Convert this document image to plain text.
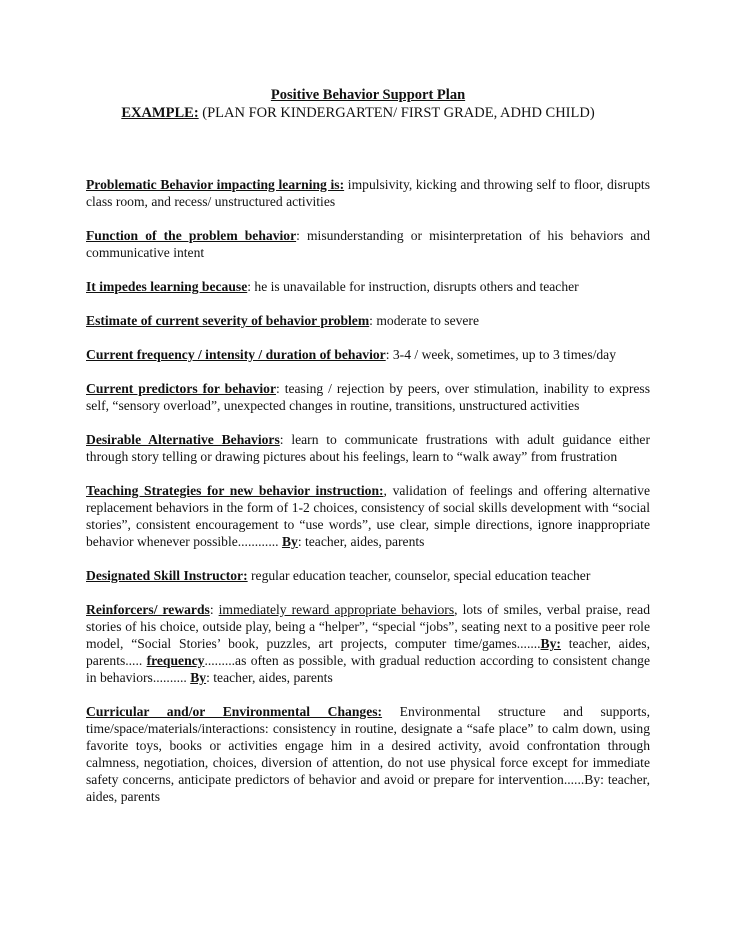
Positive Behavior Support Plan
EXAMPLE: (PLAN FOR KINDERGARTEN/ FIRST GRADE, ADHD CHILD)

Problematic Behavior impacting learning is: impulsivity, kicking and throwing self to floor, disrupts class room, and recess/ unstructured activities

Function of the problem behavior: misunderstanding or misinterpretation of his behaviors and communicative intent

It impedes learning because: he is unavailable for instruction, disrupts others and teacher

Estimate of current severity of behavior problem: moderate to severe

Current frequency / intensity / duration of behavior: 3-4 / week, sometimes, up to 3 times/day

Current predictors for behavior: teasing / rejection by peers, over stimulation, inability to express self, “sensory overload”, unexpected changes in routine, transitions, unstructured activities

Desirable Alternative Behaviors: learn to communicate frustrations with adult guidance either through story telling or drawing pictures about his feelings, learn to “walk away” from frustration

Teaching Strategies for new behavior instruction:, validation of feelings and offering alternative replacement behaviors in the form of 1-2 choices, consistency of social skills development with “social stories”, consistent encouragement to “use words”, use clear, simple directions, ignore inappropriate behavior whenever possible............ By: teacher, aides, parents

Designated Skill Instructor: regular education teacher, counselor, special education teacher

Reinforcers/ rewards: immediately reward appropriate behaviors, lots of smiles, verbal praise, read stories of his choice, outside play, being a “helper”, “special “jobs”, seating next to a positive peer role model, “Social Stories’ book, puzzles, art projects, computer time/games.......By: teacher, aides, parents..... frequency.........as often as possible, with gradual reduction according to consistent change in behaviors.......... By: teacher, aides, parents

Curricular and/or Environmental Changes: Environmental structure and supports, time/space/materials/interactions: consistency in routine, designate a “safe place” to calm down, using favorite toys, books or activities engage him in a desired activity, avoid confrontation through calmness, negotiation, choices, diversion of attention, do not use physical force except for immediate safety concerns, anticipate predictors of behavior and avoid or prepare for intervention......By: teacher, aides, parents
